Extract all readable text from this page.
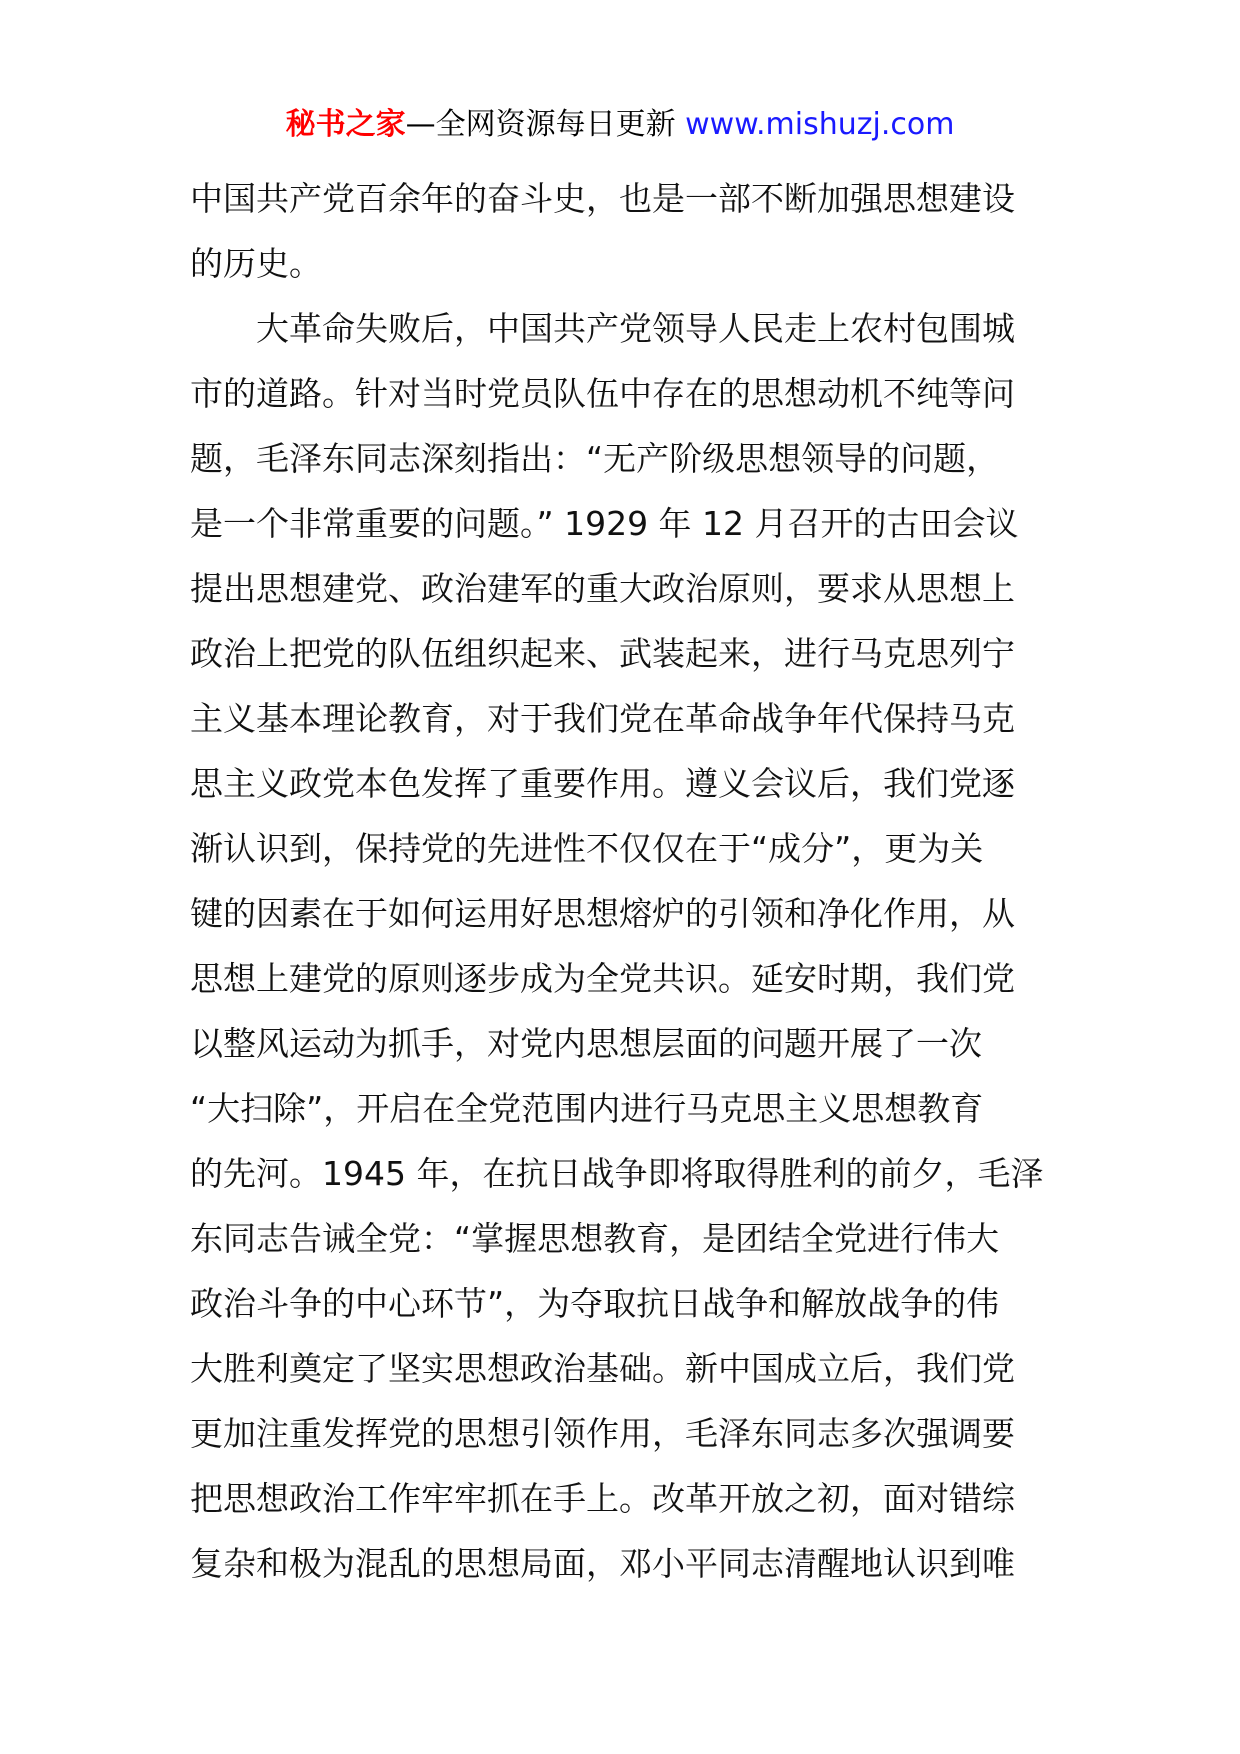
秘书之家—全网资源每日更新 www.mishuzj.com

中国共产党百余年的奋斗史，也是一部不断加强思想建设

的历史。

　　大革命失败后，中国共产党领导人民走上农村包围城

市的道路。针对当时党员队伍中存在的思想动机不纯等问

题，毛泽东同志深刻指出：“无产阶级思想领导的问题，

是一个非常重要的问题。” 1929 年 12 月召开的古田会议

提出思想建党、政治建军的重大政治原则，要求从思想上

政治上把党的队伍组织起来、武装起来，进行马克思列宁

主义基本理论教育，对于我们党在革命战争年代保持马克

思主义政党本色发挥了重要作用。遵义会议后，我们党逐

渐认识到，保持党的先进性不仅仅在于“成分”，更为关

键的因素在于如何运用好思想熔炉的引领和净化作用，从

思想上建党的原则逐步成为全党共识。延安时期，我们党

以整风运动为抓手，对党内思想层面的问题开展了一次

“大扫除”，开启在全党范围内进行马克思主义思想教育

的先河。1945 年，在抗日战争即将取得胜利的前夕，毛泽

东同志告诫全党：“掌握思想教育，是团结全党进行伟大

政治斗争的中心环节”，为夺取抗日战争和解放战争的伟

大胜利奠定了坚实思想政治基础。新中国成立后，我们党

更加注重发挥党的思想引领作用，毛泽东同志多次强调要

把思想政治工作牢牢抓在手上。改革开放之初，面对错综

复杂和极为混乱的思想局面，邓小平同志清醒地认识到唯
